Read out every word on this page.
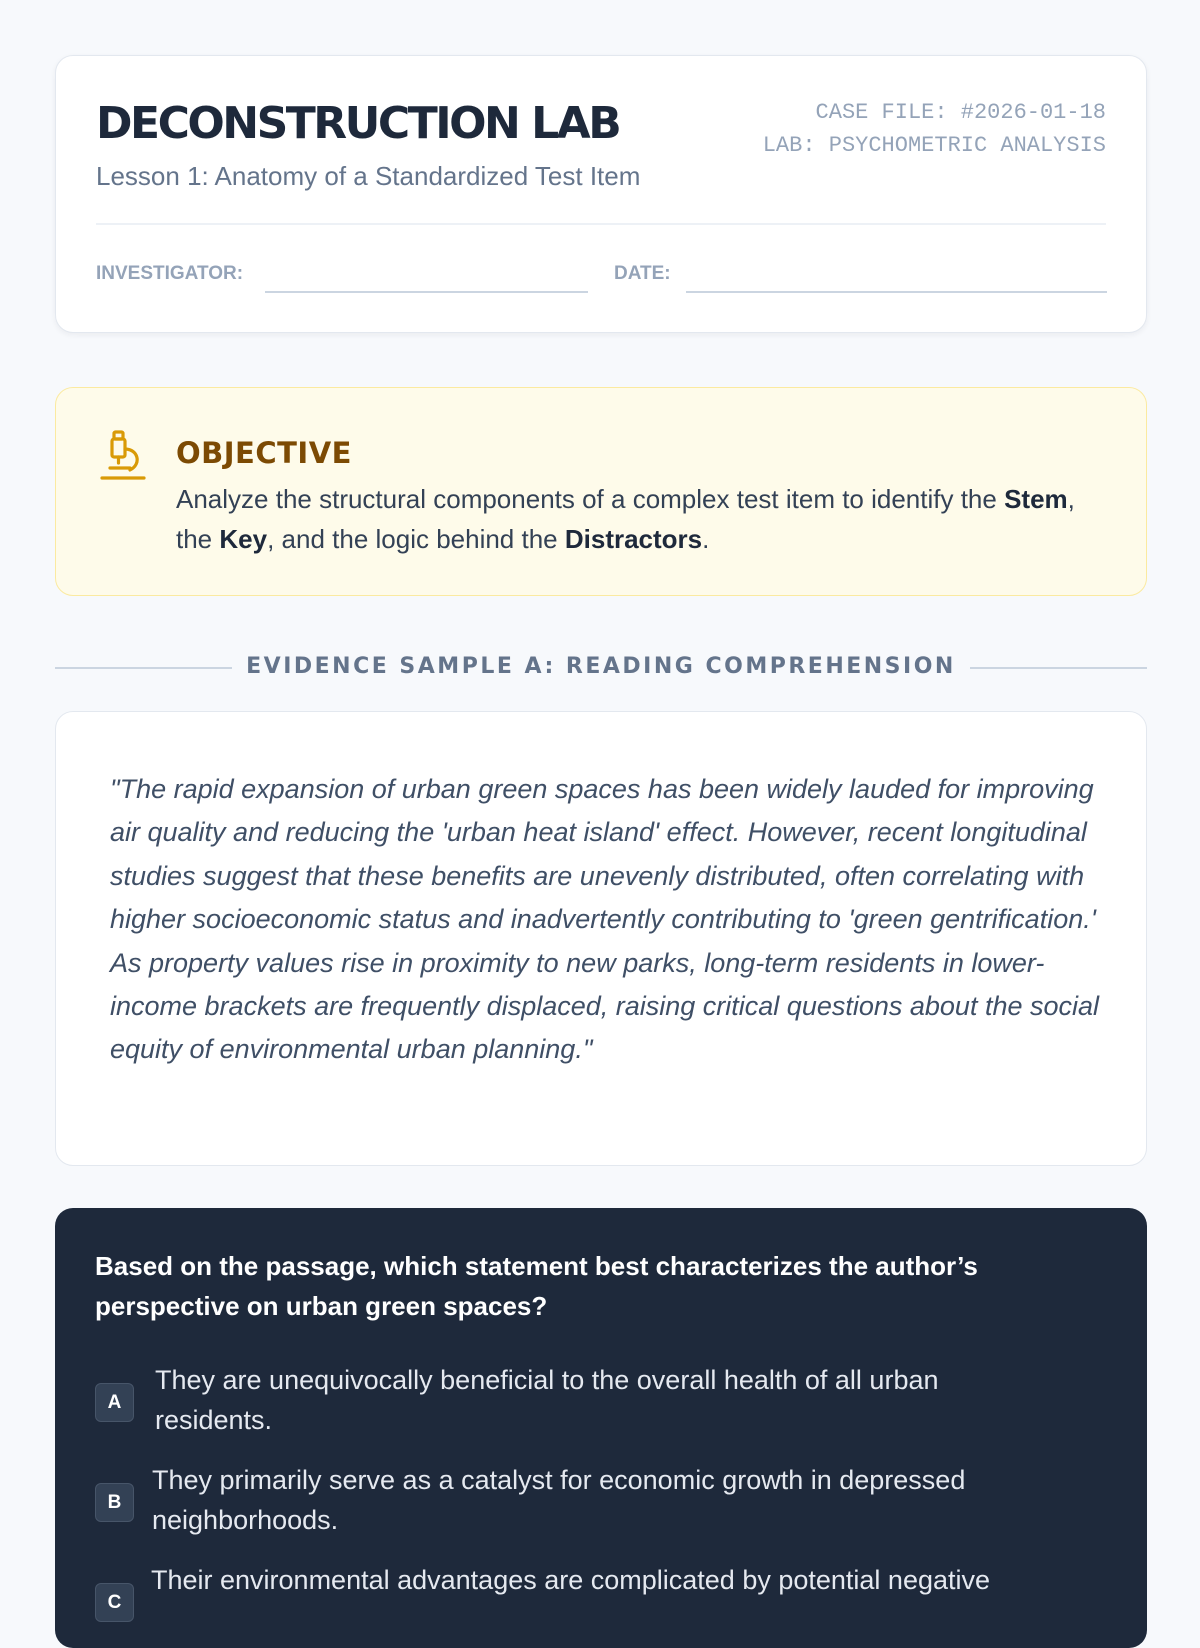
DECONSTRUCTION LAB
Lesson 1: Anatomy of a Standardized Test Item
CASE FILE: #2026-01-18
LAB: PSYCHOMETRIC ANALYSIS
INVESTIGATOR:	DATE:
OBJECTIVE
Analyze the structural components of a complex test item to identify the Stem, the Key, and the logic behind the Distractors.
EVIDENCE SAMPLE A: READING COMPREHENSION
"The rapid expansion of urban green spaces has been widely lauded for improving air quality and reducing the 'urban heat island' effect. However, recent longitudinal studies suggest that these benefits are unevenly distributed, often correlating with higher socioeconomic status and inadvertently contributing to 'green gentrification.' As property values rise in proximity to new parks, long-term residents in lower-income brackets are frequently displaced, raising critical questions about the social equity of environmental urban planning."
Based on the passage, which statement best characterizes the author’s perspective on urban green spaces?
A
They are unequivocally beneficial to the overall health of all urban residents.
B
They primarily serve as a catalyst for economic growth in depressed neighborhoods.
C
Their environmental advantages are complicated by potential negative
